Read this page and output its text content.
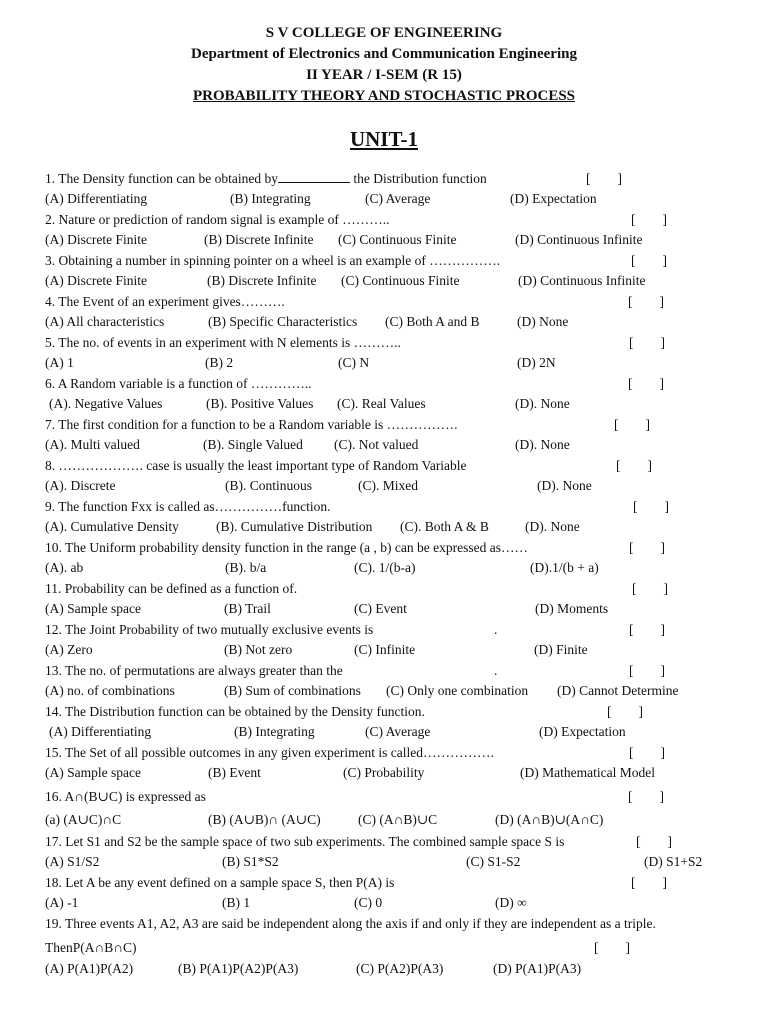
S V COLLEGE OF ENGINEERING
Department of Electronics and Communication Engineering
II YEAR / I-SEM (R 15)
PROBABILITY THEORY AND STOCHASTIC PROCESS
UNIT-1
1. The Density function can be obtained by	the Distribution function	[        ]
(A) Differentiating	(B) Integrating	(C) Average	(D) Expectation
2. Nature or prediction of random signal is example of ………..	[        ]
(A) Discrete Finite	(B) Discrete Infinite (C) Continuous Finite	(D) Continuous Infinite
3. Obtaining a number in spinning pointer on a wheel is an example of …………….	[        ]
(A) Discrete Finite	(B) Discrete Infinite (C) Continuous Finite	(D) Continuous Infinite
4. The Event of an experiment gives……….	[        ]
(A) All characteristics	(B) Specific Characteristics (C) Both A and B	(D) None
5. The no. of events in an experiment with N elements is ………..	[        ]
(A) 1	(B) 2	(C) N	(D) 2N
6. A Random variable is a function of …………..	[        ]
(A). Negative Values	(B). Positive Values (C). Real Values	(D). None
7. The first condition for a function to be a Random variable is …………….	[        ]
(A). Multi valued	(B). Single Valued (C). Not valued	(D). None
8. ………………. case is usually the least important type of Random Variable	[        ]
(A). Discrete	(B). Continuous	(C). Mixed	(D). None
9. The function Fxx is called as……………function.	[        ]
(A). Cumulative Density	(B). Cumulative Distribution (C). Both A & B	(D). None
10. The Uniform probability density function in the range (a , b) can be expressed as……	[        ]
(A). ab	(B). b/a	(C). 1/(b-a)	(D).1/(b + a)
11. Probability can be defined as a function of.	[        ]
(A) Sample space	(B) Trail	(C) Event	(D) Moments
12. The Joint Probability of two mutually exclusive events is	.	[        ]
(A) Zero	(B) Not zero	(C) Infinite	(D) Finite
13. The no. of permutations are always greater than the	.	[        ]
(A) no. of combinations	(B) Sum of combinations (C) Only one combination (D) Cannot Determine
14. The Distribution function can be obtained by the Density function.	[        ]
(A) Differentiating	(B) Integrating	(C) Average	(D) Expectation
15. The Set of all possible outcomes in any given experiment is called…………….	[        ]
(A) Sample space	(B) Event	(C) Probability	(D) Mathematical Model
16. A∩(B∪C) is expressed as	[        ]
(a) (A∪C)∩C	(B) (A∪B)∩ (A∪C)	(C) (A∩B)∪C	(D) (A∩B)∪(A∩C)
17. Let S1 and S2 be the sample space of two sub experiments. The combined sample space S is	[        ]
(A) S1/S2	(B) S1*S2	(C) S1-S2	(D) S1+S2
18. Let A be any event defined on a sample space S, then P(A) is	[        ]
(A) -1	(B) 1	(C) 0	(D) ∞
19. Three events A1, A2, A3 are said be independent along the axis if and only if they are independent as a triple.
ThenP(A∩B∩C)	[        ]
(A) P(A1)P(A2)	(B) P(A1)P(A2)P(A3)	(C) P(A2)P(A3)	(D) P(A1)P(A3)
